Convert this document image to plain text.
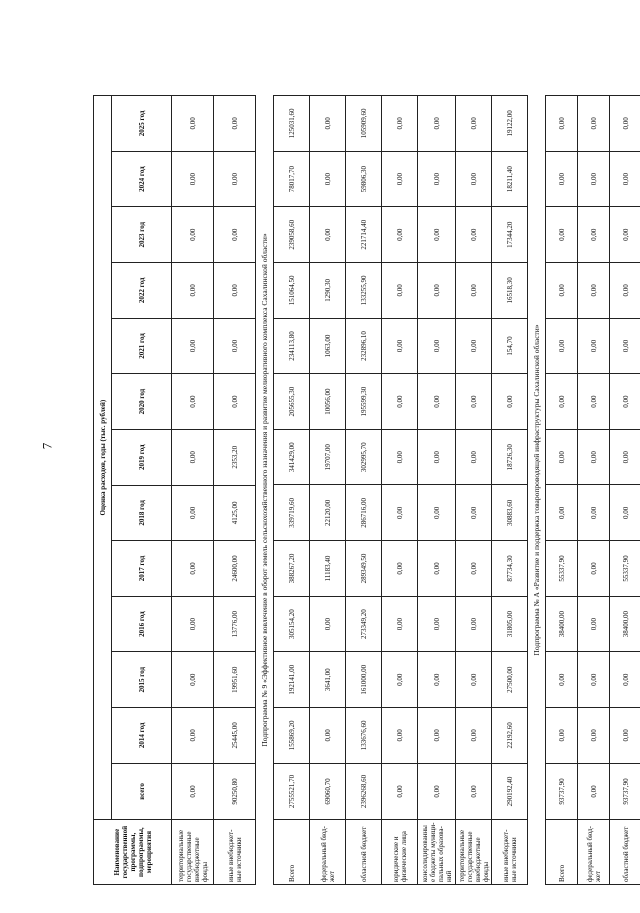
7
Наименование государственной программы, подпрограммы, мероприятия	Оценка расходов, годы (тыс. рублей)												
	всего	2014 год	2015 год	2016 год	2017 год	2018 год	2019 год	2020 год	2021 год	2022 год	2023 год	2024 год	2025 год
территориальные государственные внебюджетные фонды	0,00	0,00	0,00	0,00	0,00	0,00	0,00	0,00	0,00	0,00	0,00	0,00	0,00
иные внебюджет-ные источники	90250,80	25445,00	19951,60	13776,00	24600,00	4125,00	2353,20	0,00	0,00	0,00	0,00	0,00	0,00
Подпрограмма № 9 «Эффективное вовлечение в оборот земель сельскохозяйственного назначения и развитие мелиоративного комплекса Сахалинской области»
Всего	2755521,70	155869,20	192141,00	305154,20	388267,20	339719,60	341429,00	205655,30	234113,80	151064,50	239058,60	78017,70	125031,60
федеральный бюд-жет	69060,70	0,00	3641,00	0,00	11183,40	22120,00	19707,00	10056,00	1063,00	1290,30	0,00	0,00	0,00
областной бюджет	2396268,60	133676,60	161000,00	273349,20	289349,50	286716,00	302995,70	195599,30	232896,10	133255,90	221714,40	59806,30	105909,60
юридические и физические лица	0,00	0,00	0,00	0,00	0,00	0,00	0,00	0,00	0,00	0,00	0,00	0,00	0,00
консолидированные бюджеты муници-пальных образова-ний	0,00	0,00	0,00	0,00	0,00	0,00	0,00	0,00	0,00	0,00	0,00	0,00	0,00
территориальные государственные внебюджетные фонды	0,00	0,00	0,00	0,00	0,00	0,00	0,00	0,00	0,00	0,00	0,00	0,00	0,00
иные внебюджет-ные источники	290192,40	22192,60	27500,00	31805,00	87734,30	30883,60	18726,30	0,00	154,70	16518,30	17344,20	18211,40	19122,00
Подпрограмма № А «Развитие и поддержка товаропроводящей инфраструктуры Сахалинской области»
Всего	93737,90	0,00	0,00	38400,00	55337,90	0,00	0,00	0,00	0,00	0,00	0,00	0,00	0,00
федеральный бюд-жет	0,00	0,00	0,00	0,00	0,00	0,00	0,00	0,00	0,00	0,00	0,00	0,00	0,00
областной бюджет	93737,90	0,00	0,00	38400,00	55337,90	0,00	0,00	0,00	0,00	0,00	0,00	0,00	0,00
